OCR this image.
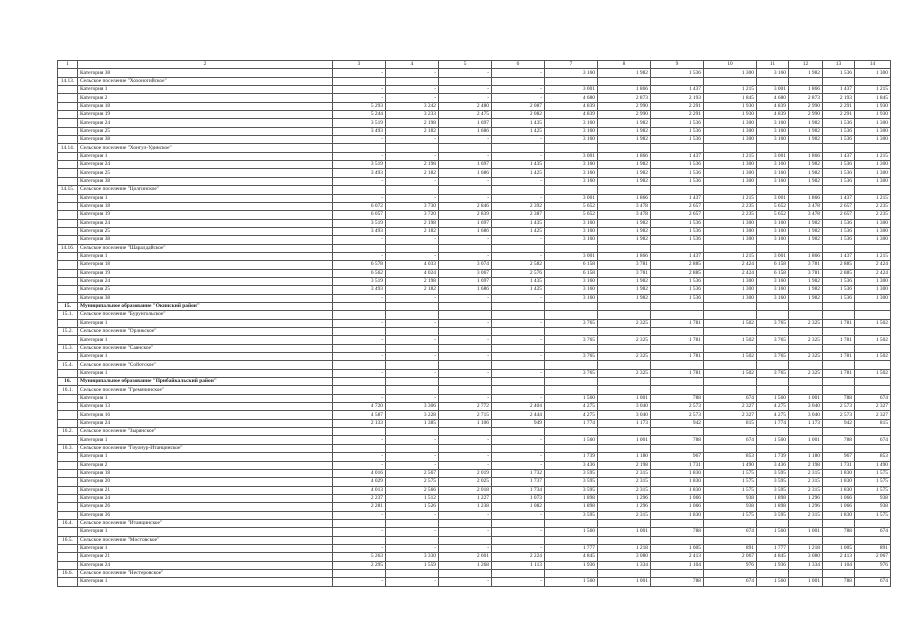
1	2	3	4	5	6	7	8	9	10	11	12	13	14
	Категория 38	-	-	-	-	3 160	1 982	1 536	1 300	3 160	1 982	1 536	1 300
14.13.	Сельское поселение "Хохоногийское"												
	Категория 1	-	-	-	-	3 001	1 866	1 437	1 215	3 001	1 866	1 437	1 215
	Категория 2	-	-	-	-	4 680	2 873	2 193	1 845	4 680	2 873	2 193	1 845
	Категория 18	5 293	3 242	2 480	2 087	4 839	2 990	2 291	1 930	4 839	2 990	2 291	1 930
	Категория 19	5 244	3 233	2 475	2 082	4 839	2 990	2 291	1 930	4 839	2 990	2 291	1 930
	Категория 24	3 519	2 198	1 697	1 435	3 160	1 982	1 536	1 300	3 160	1 982	1 536	1 300
	Категория 25	3 493	2 182	1 686	1 425	3 160	1 982	1 536	1 300	3 160	1 982	1 536	1 300
	Категория 38	-	-	-	-	3 160	1 982	1 536	1 300	3 160	1 982	1 536	1 300
14.14.	Сельское поселение "Хонгул-Удинское"												
	Категория 1	-	-	-	-	3 001	1 866	1 437	1 215	3 001	1 866	1 437	1 215
	Категория 24	3 519	2 198	1 697	1 435	3 160	1 982	1 536	1 300	3 160	1 982	1 536	1 300
	Категория 25	3 493	2 182	1 686	1 425	3 160	1 982	1 536	1 300	3 160	1 982	1 536	1 300
	Категория 38	-	-	-	-	3 160	1 982	1 536	1 300	3 160	1 982	1 536	1 300
14.15.	Сельское поселение "Цолгинское"												
	Категория 1	-	-	-	-	3 001	1 866	1 437	1 215	3 001	1 866	1 437	1 215
	Категория 18	6 072	3 730	2 846	2 392	5 652	3 478	2 657	2 235	5 652	3 478	2 657	2 235
	Категория 19	6 057	3 720	2 839	2 387	5 652	3 478	2 657	2 235	5 652	3 478	2 657	2 235
	Категория 24	3 519	2 198	1 697	1 435	3 160	1 982	1 536	1 300	3 160	1 982	1 536	1 300
	Категория 25	3 493	2 182	1 686	1 425	3 160	1 982	1 536	1 300	3 160	1 982	1 536	1 300
	Категория 38	-	-	-	-	3 160	1 982	1 536	1 300	3 160	1 982	1 536	1 300
14.16.	Сельское поселение "Шаралдайское"												
	Категория 1	-	-	-	-	3 001	1 866	1 437	1 215	3 001	1 866	1 437	1 215
	Категория 18	6 578	4 033	3 074	2 582	6 158	3 781	2 885	2 424	6 158	3 781	2 885	2 424
	Категория 19	6 562	4 024	3 067	2 576	6 158	3 781	2 885	2 424	6 158	3 781	2 885	2 424
	Категория 24	3 519	2 198	1 697	1 435	3 160	1 982	1 536	1 300	3 160	1 982	1 536	1 300
	Категория 25	3 493	2 182	1 686	1 425	3 160	1 982	1 536	1 300	3 160	1 982	1 536	1 300
	Категория 38	-	-	-	-	3 160	1 982	1 536	1 300	3 160	1 982	1 536	1 300
15.	Муниципальное образование "Окинский район"												
15.1.	Сельское поселение "Бурунгольское"												
	Категория 1	-	-	-	-	3 765	2 325	1 781	1 502	3 765	2 325	1 781	1 502
15.2.	Сельское поселение "Орликское"												
	Категория 1	-	-	-	-	3 765	2 325	1 781	1 502	3 765	2 325	1 781	1 502
15.3.	Сельское поселение "Саянское"												
	Категория 1	-	-	-	-	3 765	2 325	1 781	1 502	3 765	2 325	1 781	1 502
15.4.	Сельское поселение "Сойотское"												
	Категория 1	-	-	-	-	3 765	2 325	1 781	1 502	3 765	2 325	1 781	1 502
16.	Муниципальное образование "Прибайкальский район"												
16.1.	Сельское поселение "Гремячинское"												
	Категория 1	-	-	-	-	1 560	1 001	788	674	1 560	1 001	788	674
	Категория 13	4 720	3 306	2 772	2 404	4 275	3 040	2 573	2 327	4 275	3 040	2 573	2 327
	Категория 16	4 587	3 228	2 715	2 444	4 275	3 040	2 573	2 327	4 275	3 040	2 573	2 327
	Категория 24	2 133	1 385	1 106	949	1 774	1 173	942	815	1 774	1 173	942	815
16.2.	Сельское поселение "Зырянское"												
	Категория 1	-	-	-	-	1 560	1 001	788	674	1 560	1 001	788	674
16.3.	Сельское поселение "Гоуонур-Итанцинское"												
	Категория 1	-	-	-	-	1 739	1 180	967	853	1 739	1 180	967	853
	Категория 2	-	-	-	-	3 436	2 198	1 731	1 490	3 436	2 198	1 731	1 490
	Категория 18	4 016	2 567	2 019	1 732	3 595	2 315	1 830	1 575	3 595	2 315	1 830	1 575
	Категория 20	4 029	2 575	2 025	1 737	3 595	2 315	1 830	1 575	3 595	2 315	1 830	1 575
	Категория 21	4 013	2 566	2 018	1 734	3 595	2 315	1 830	1 575	3 595	2 315	1 830	1 575
	Категория 24	2 237	1 512	1 227	1 073	1 898	1 296	1 066	938	1 898	1 296	1 066	938
	Категория 26	2 281	1 526	1 238	1 082	1 898	1 296	1 066	938	1 898	1 296	1 066	938
	Категория 36	-	-	-	-	3 595	2 315	1 830	1 575	3 595	2 315	1 830	1 575
16.4.	Сельское поселение "Итанцинское"												
	Категория 1	-	-	-	-	1 560	1 001	788	674	1 560	1 001	788	674
16.5.	Сельское поселение "Мостовское"												
	Категория 1	-	-	-	-	1 777	1 218	1 005	891	1 777	1 218	1 005	891
	Категория 21	5 263	3 330	2 601	2 224	4 845	3 080	2 413	2 067	4 845	3 080	2 413	2 067
	Категория 24	2 295	1 559	1 268	1 113	1 936	1 334	1 104	976	1 936	1 334	1 104	976
16.6.	Сельское поселение "Нестеровское"												
	Категория 1	-	-	-	-	1 560	1 001	788	674	1 560	1 001	788	674
